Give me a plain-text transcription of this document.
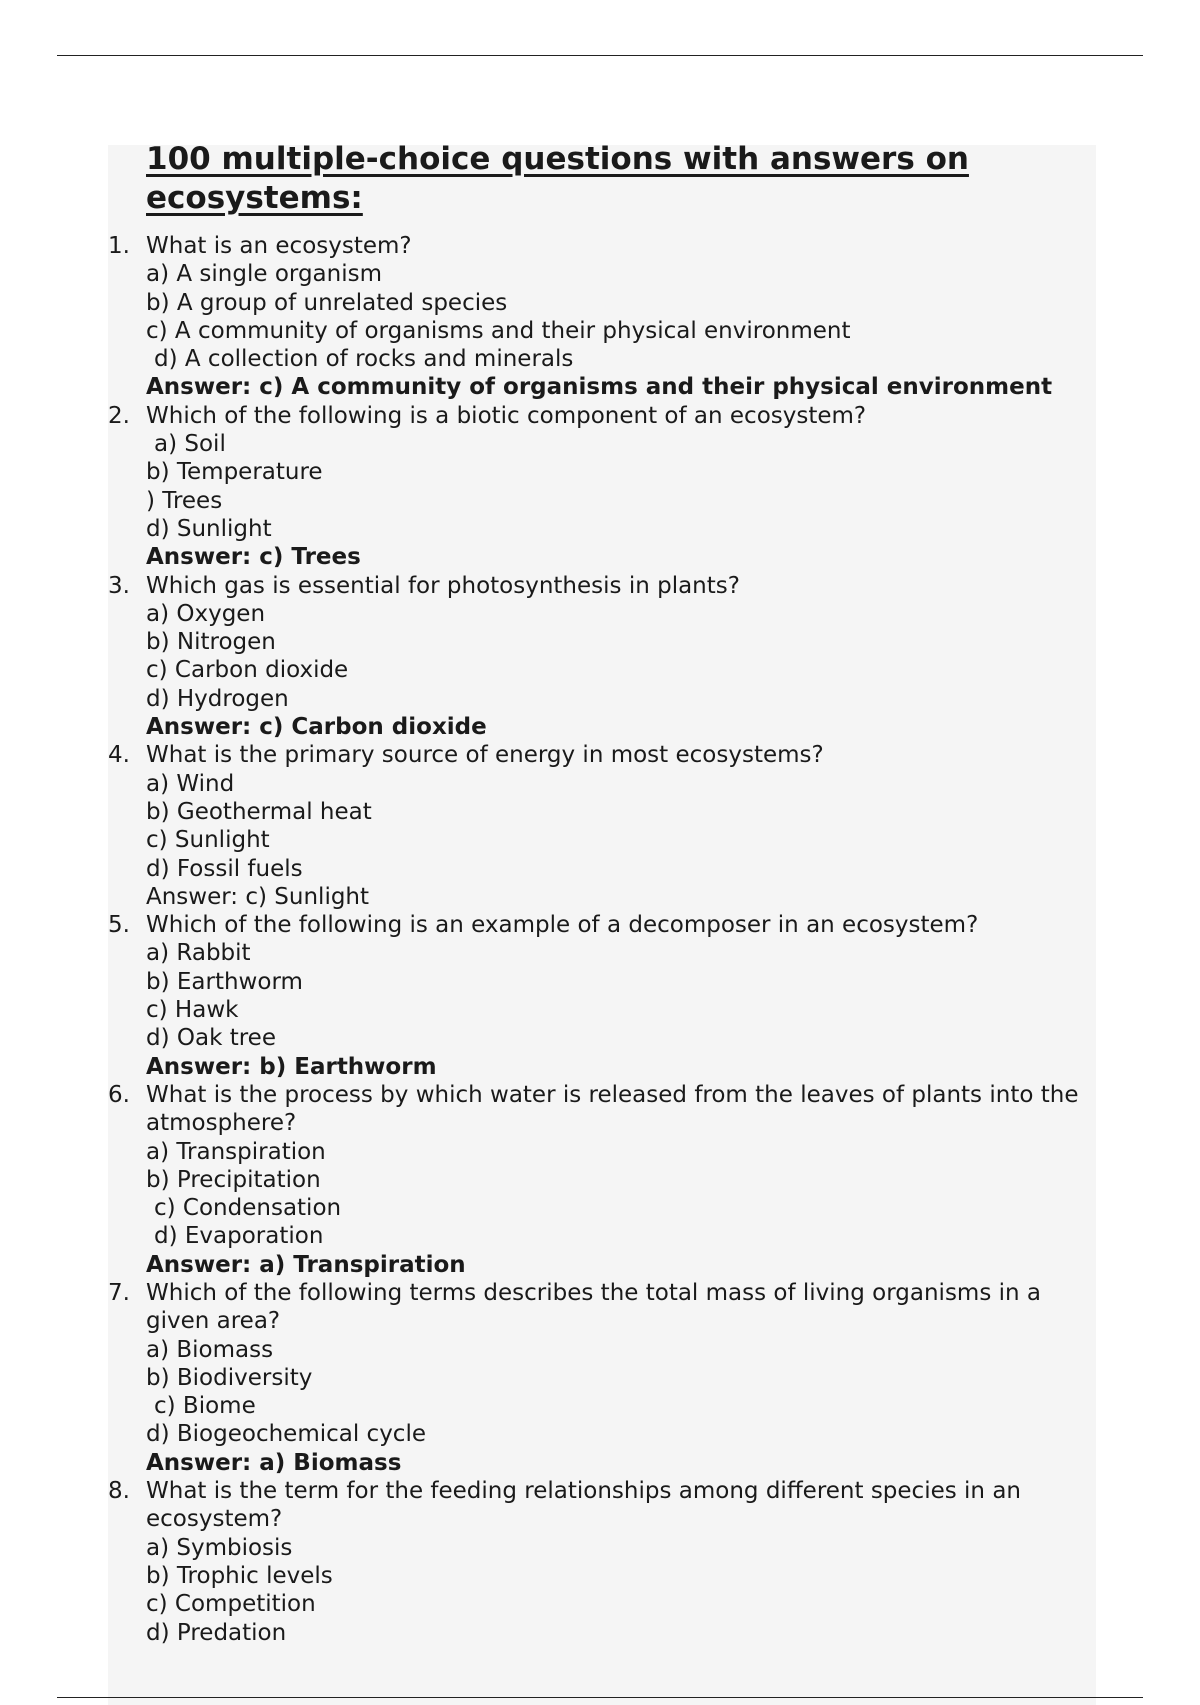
100 multiple-choice questions with answers on ecosystems:
1. What is an ecosystem?
a) A single organism
b) A group of unrelated species
c) A community of organisms and their physical environment
d) A collection of rocks and minerals
Answer: c) A community of organisms and their physical environment
2. Which of the following is a biotic component of an ecosystem?
a) Soil
b) Temperature
) Trees
d) Sunlight
Answer: c) Trees
3. Which gas is essential for photosynthesis in plants?
a) Oxygen
b) Nitrogen
c) Carbon dioxide
d) Hydrogen
Answer: c) Carbon dioxide
4. What is the primary source of energy in most ecosystems?
a) Wind
b) Geothermal heat
c) Sunlight
d) Fossil fuels
Answer: c) Sunlight
5. Which of the following is an example of a decomposer in an ecosystem?
a) Rabbit
b) Earthworm
c) Hawk
d) Oak tree
Answer: b) Earthworm
6. What is the process by which water is released from the leaves of plants into the atmosphere?
a) Transpiration
b) Precipitation
c) Condensation
d) Evaporation
Answer: a) Transpiration
7. Which of the following terms describes the total mass of living organisms in a given area?
a) Biomass
b) Biodiversity
c) Biome
d) Biogeochemical cycle
Answer: a) Biomass
8. What is the term for the feeding relationships among different species in an ecosystem?
a) Symbiosis
b) Trophic levels
c) Competition
d) Predation
